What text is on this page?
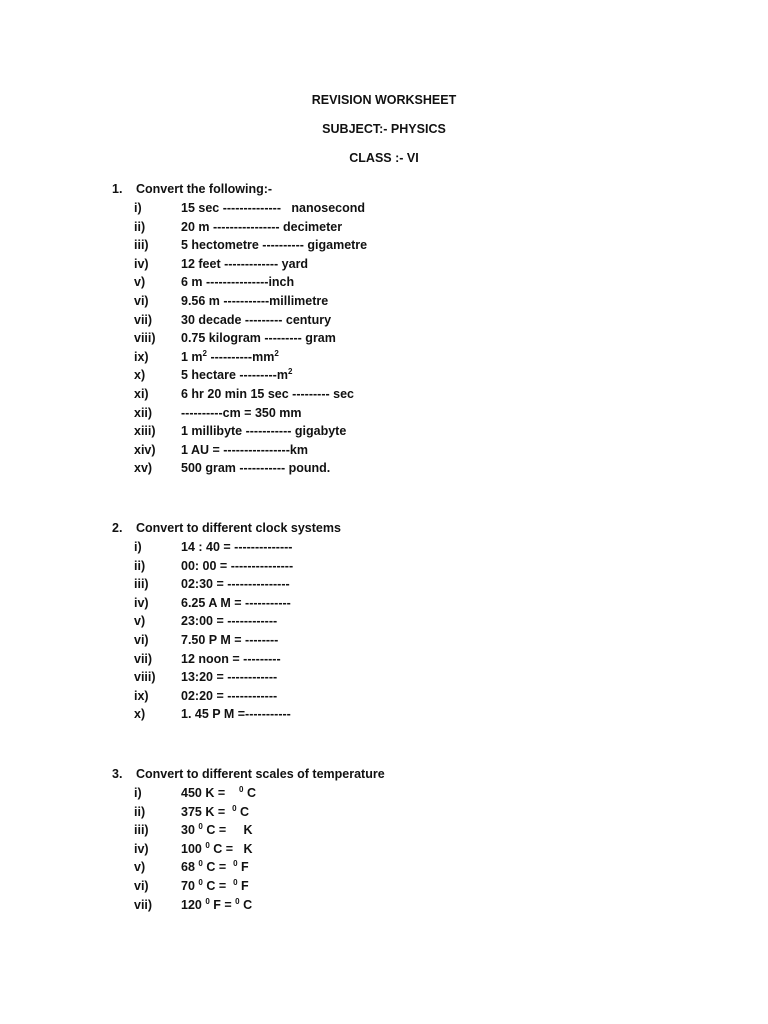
REVISION WORKSHEET
SUBJECT:- PHYSICS
CLASS :- VI
1. Convert the following:-
i)	15 sec --------------   nanosecond
ii)	20 m ---------------- decimeter
iii)	5 hectometre ---------- gigametre
iv)	12 feet ------------- yard
v)	6 m ---------------inch
vi)	9.56 m -----------millimetre
vii) 30 decade --------- century
viii) 0.75 kilogram --------- gram
ix)	1 $m^2$ $----------mm^2$
x)	5 hectare $---------m^2$
xi)	6 hr 20 min 15 sec --------- sec
xii) ----------cm = 350 mm
xiii) 1 millibyte ----------- gigabyte
xiv) 1 AU = ----------------km
xv) 500 gram ----------- pound.
2. Convert to different clock systems
i)	14 : 40 = --------------
ii)	00: 00 = ---------------
iii)	02:30 = ---------------
iv)	6.25 A M = -----------
v)	23:00 = ------------
vi)	7.50 P M = --------
vii) 12 noon = ---------
viii) 13:20 = ------------
ix)	02:20 = ------------
x)	1. 45 P M =-----------
3. Convert to different scales of temperature
i)	450 K =    $^0$ C
ii)	375 K =  $^0$ C
iii)	30 $^0$ C =     K
iv)	100 $^0$ C =   K
v)	68 $^0$ C =  $^0$ F
vi)	70 $^0$ C =  $^0$ F
vii) 120 $^0$ F = $^0$ C
